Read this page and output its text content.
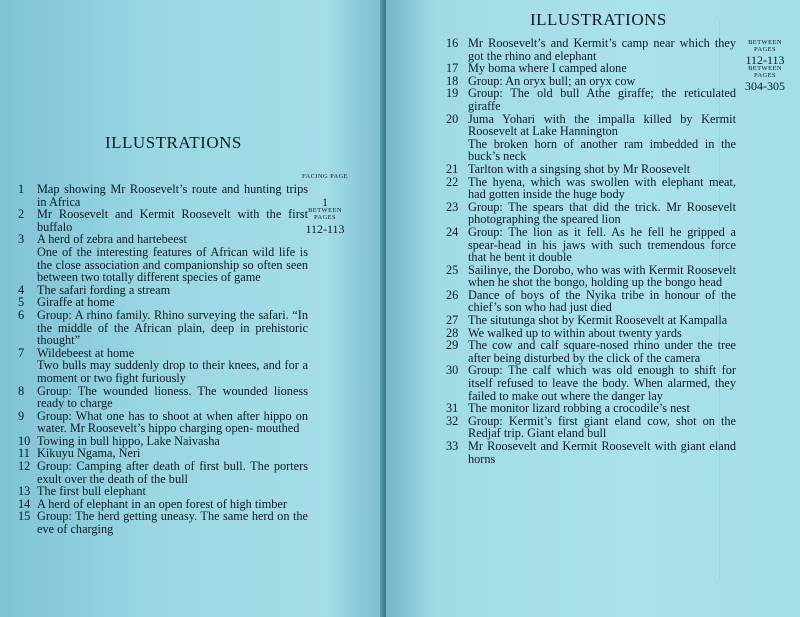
ILLUSTRATIONS
FACING PAGE
1
BETWEEN PAGES
112-113
1	Map showing Mr Roosevelt’s route and hunting trips in Africa
2	Mr Roosevelt and Kermit Roosevelt with the first buffalo
3	A herd of zebra and hartebeest
One of the interesting features of African wild life is the close association and companionship so often seen between two totally different species of game
4	The safari fording a stream
5	Giraffe at home
6	Group: A rhino family. Rhino surveying the safari. “In the middle of the African plain, deep in prehistoric thought”
7	Wildebeest at home
Two bulls may suddenly drop to their knees, and for a moment or two fight furiously
8	Group: The wounded lioness. The wounded lioness ready to charge
9	Group: What one has to shoot at when after hippo on water. Mr Roosevelt’s hippo charging open- mouthed
10 Towing in bull hippo, Lake Naivasha
11 Kikuyu Ngama, Neri
12 Group: Camping after death of first bull. The porters exult over the death of the bull
13 The first bull elephant
14 A herd of elephant in an open forest of high timber
15 Group: The herd getting uneasy. The same herd on the eve of charging
ILLUSTRATIONS
BETWEEN PAGES
112-113
BETWEEN PAGES
304-305
16 Mr Roosevelt’s and Kermit’s camp near which they got the rhino and elephant
17 My boma where I camped alone
18 Group: An oryx bull; an oryx cow
19 Group: The old bull Athe giraffe; the reticulated giraffe
20 Juma Yohari with the impalla killed by Kermit Roosevelt at Lake Hannington
The broken horn of another ram imbedded in the buck’s neck
21 Tarlton with a singsing shot by Mr Roosevelt
22 The hyena, which was swollen with elephant meat, had gotten inside the huge body
23 Group: The spears that did the trick. Mr Roosevelt photographing the speared lion
24 Group: The lion as it fell. As he fell he gripped a spear-head in his jaws with such tremendous force that he bent it double
25 Sailinye, the Dorobo, who was with Kermit Roosevelt when he shot the bongo, holding up the bongo head
26 Dance of boys of the Nyika tribe in honour of the chief’s son who had just died
27 The situtunga shot by Kermit Roosevelt at Kampalla
28 We walked up to within about twenty yards
29 The cow and calf square-nosed rhino under the tree after being disturbed by the click of the camera
30 Group: The calf which was old enough to shift for itself refused to leave the body. When alarmed, they failed to make out where the danger lay
31 The monitor lizard robbing a crocodile’s nest
32 Group: Kermit’s first giant eland cow, shot on the Redjaf trip. Giant eland bull
33 Mr Roosevelt and Kermit Roosevelt with giant eland horns
